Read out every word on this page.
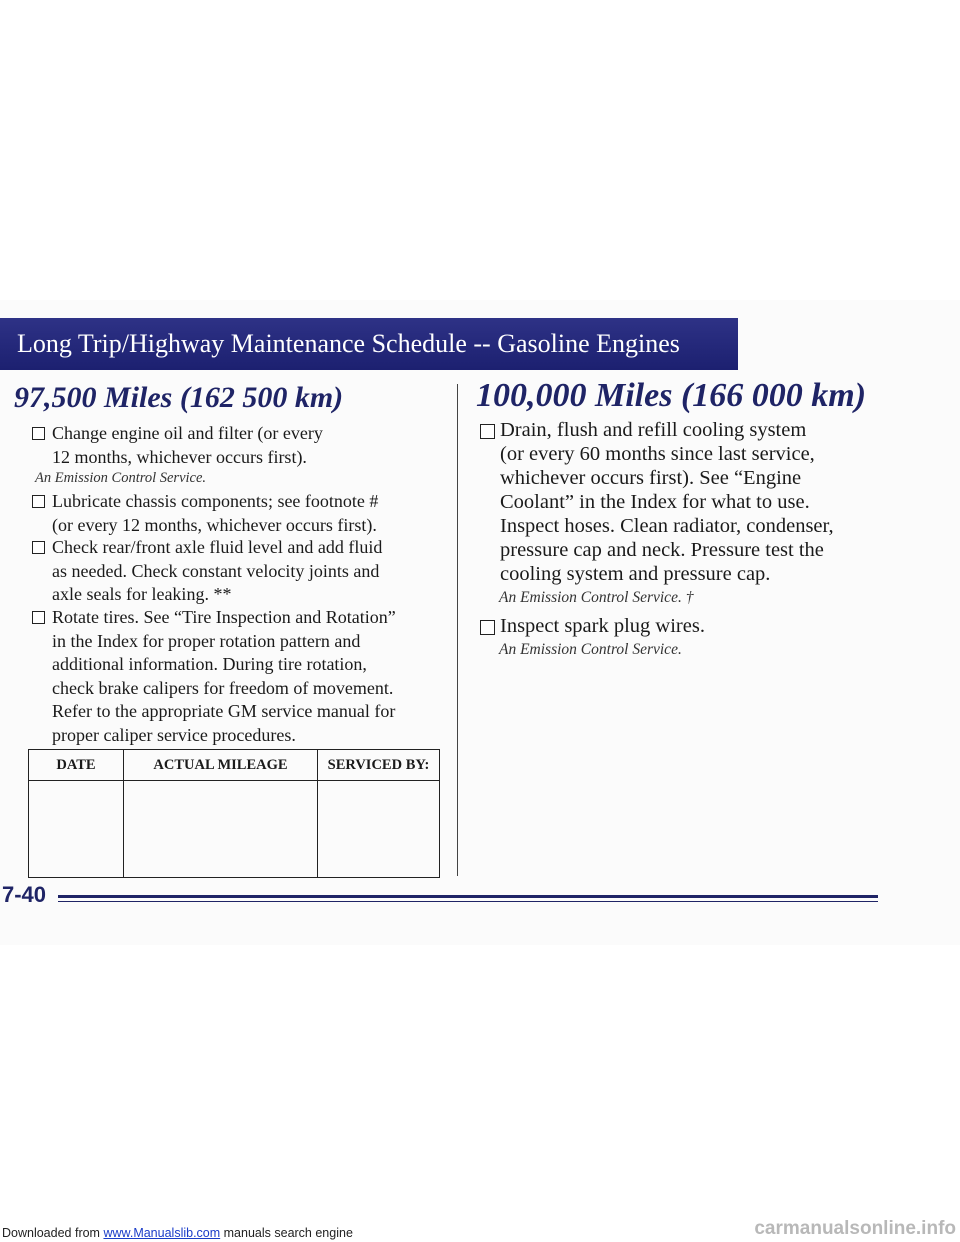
Long Trip/Highway Maintenance Schedule -- Gasoline Engines
97,500 Miles (162 500 km)	100,000 Miles (166 000 km)
Change engine oil and filter (or every
12 months, whichever occurs first).
An Emission Control Service.
Lubricate chassis components; see footnote #
(or every 12 months, whichever occurs first).
Check rear/front axle fluid level and add fluid
as needed. Check constant velocity joints and
axle seals for leaking. **
Rotate tires. See “Tire Inspection and Rotation”
in the Index for proper rotation pattern and
additional information. During tire rotation,
check brake calipers for freedom of movement.
Refer to the appropriate GM service manual for
proper caliper service procedures.
DATE	ACTUAL MILEAGE	SERVICED BY:

Drain, flush and refill cooling system
(or every 60 months since last service,
whichever occurs first). See “Engine
Coolant” in the Index for what to use.
Inspect hoses. Clean radiator, condenser,
pressure cap and neck. Pressure test the
cooling system and pressure cap.
An Emission Control Service. †
Inspect spark plug wires.
An Emission Control Service.
7-40
Downloaded from www.Manualslib.com manuals search engine	carmanualsonline.info
